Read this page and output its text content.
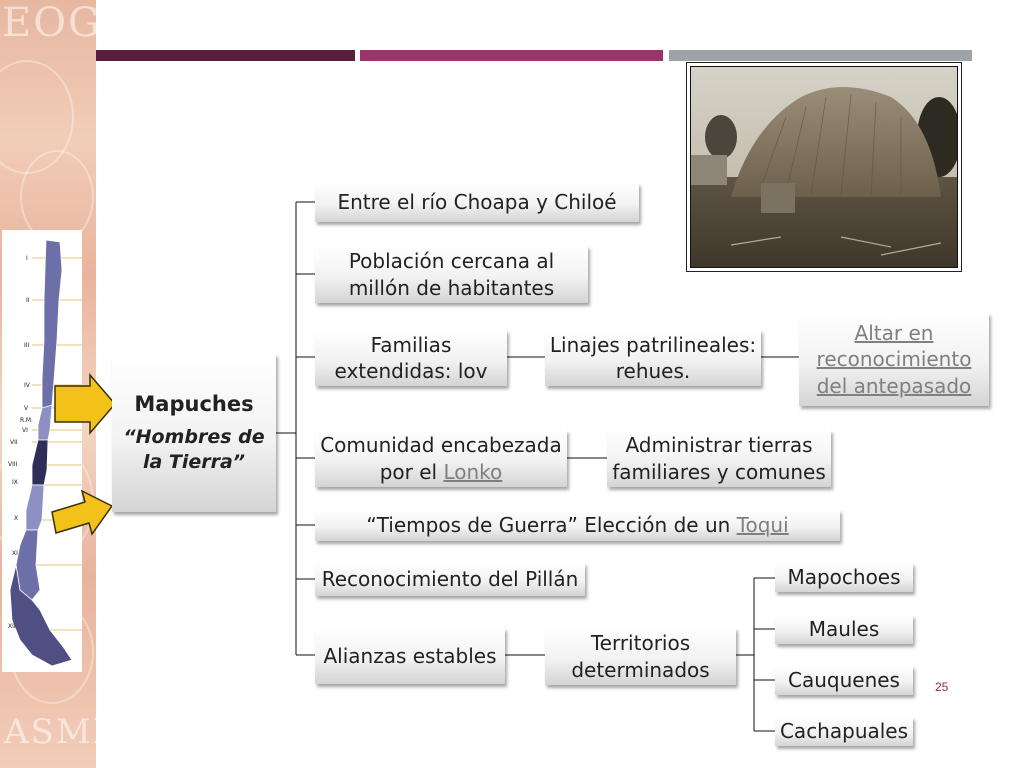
EOG
ASMES
I
II
III
IV
V
R.M.
VI
VII
VIII
IX
X
XI
XII
Mapuches
“Hombres de
la Tierra”
Entre el río Choapa y Chiloé
Población cercana al
millón de habitantes
Familias
extendidas: lov
Linajes patrilineales:
rehues.
Altar en
reconocimiento
del antepasado
Comunidad encabezada
por el Lonko
Administrar tierras
familiares y comunes
“Tiempos de Guerra” Elección de un
Toqui
Reconocimiento del Pillán
Alianzas estables
Territorios
determinados
Mapochoes
Maules
Cauquenes
Cachapuales
25
